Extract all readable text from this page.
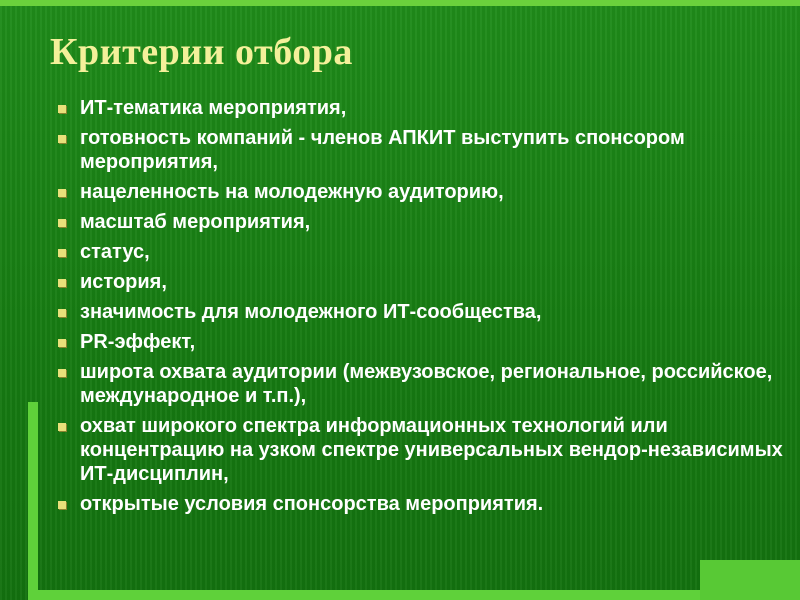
Критерии отбора
ИТ-тематика мероприятия,
готовность компаний - членов АПКИТ выступить спонсором мероприятия,
нацеленность на молодежную аудиторию,
масштаб мероприятия,
статус,
история,
значимость для молодежного ИТ-сообщества,
PR-эффект,
широта охвата аудитории (межвузовское, региональное, российское, международное и т.п.),
охват широкого спектра информационных технологий или концентрацию на узком спектре универсальных вендор-независимых ИТ-дисциплин,
открытые условия спонсорства мероприятия.
